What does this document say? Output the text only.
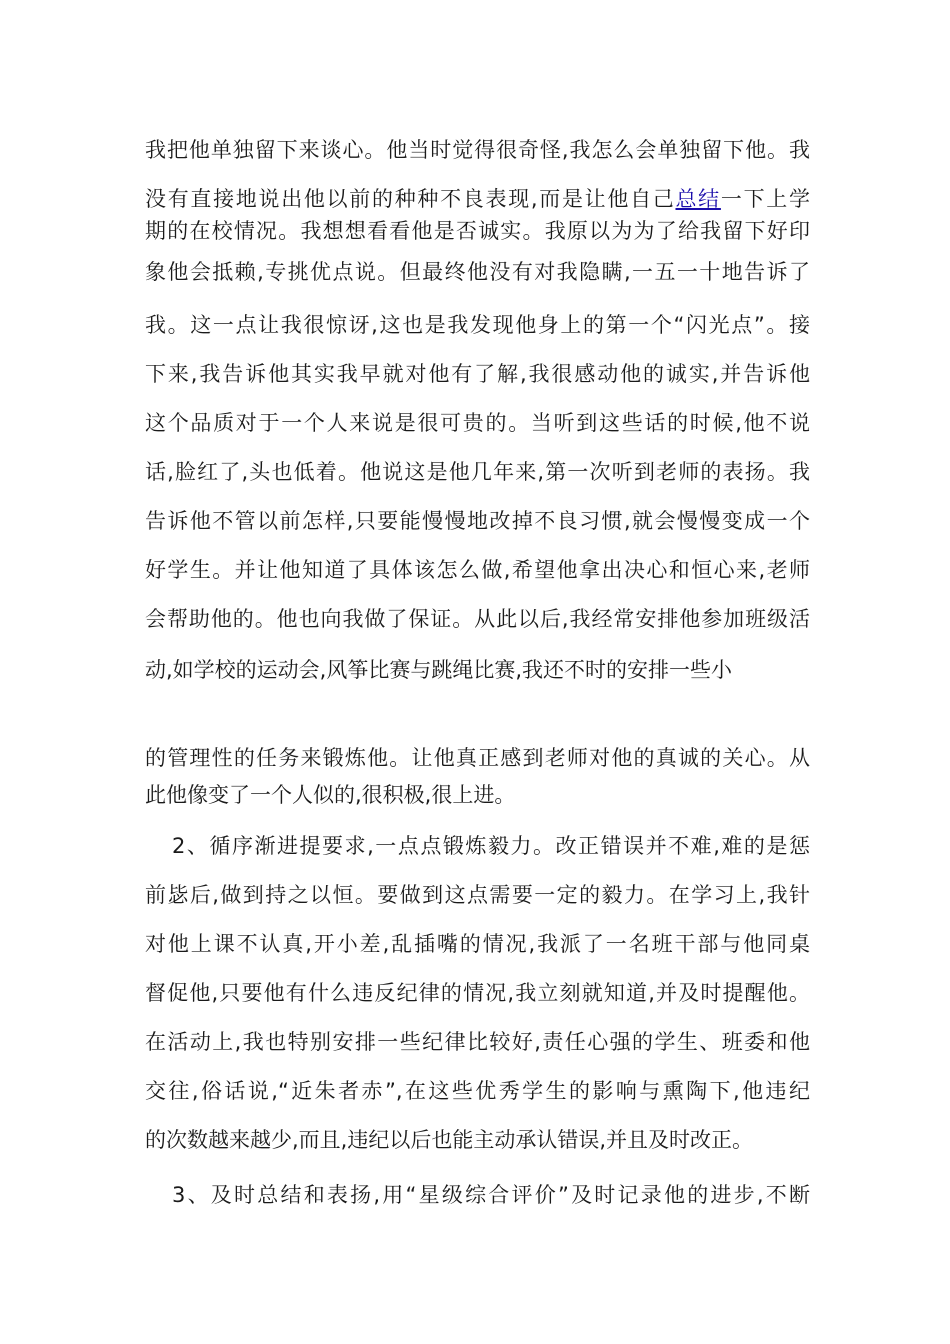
我把他单独留下来谈心。他当时觉得很奇怪,我怎么会单独留下他。我
没有直接地说出他以前的种种不良表现,而是让他自己总结一下上学
期的在校情况。我想想看看他是否诚实。我原以为为了给我留下好印
象他会抵赖,专挑优点说。但最终他没有对我隐瞒,一五一十地告诉了
我。这一点让我很惊讶,这也是我发现他身上的第一个“闪光点”。接
下来,我告诉他其实我早就对他有了解,我很感动他的诚实,并告诉他
这个品质对于一个人来说是很可贵的。当听到这些话的时候,他不说
话,脸红了,头也低着。他说这是他几年来,第一次听到老师的表扬。我
告诉他不管以前怎样,只要能慢慢地改掉不良习惯,就会慢慢变成一个
好学生。并让他知道了具体该怎么做,希望他拿出决心和恒心来,老师
会帮助他的。他也向我做了保证。从此以后,我经常安排他参加班级活
动,如学校的运动会,风筝比赛与跳绳比赛,我还不时的安排一些小
的管理性的任务来锻炼他。让他真正感到老师对他的真诚的关心。从
此他像变了一个人似的,很积极,很上进。
2、循序渐进提要求,一点点锻炼毅力。改正错误并不难,难的是惩
前毖后,做到持之以恒。要做到这点需要一定的毅力。在学习上,我针
对他上课不认真,开小差,乱插嘴的情况,我派了一名班干部与他同桌
督促他,只要他有什么违反纪律的情况,我立刻就知道,并及时提醒他。
在活动上,我也特别安排一些纪律比较好,责任心强的学生、班委和他
交往,俗话说,“近朱者赤”,在这些优秀学生的影响与熏陶下,他违纪
的次数越来越少,而且,违纪以后也能主动承认错误,并且及时改正。
3、及时总结和表扬,用“星级综合评价”及时记录他的进步,不断
